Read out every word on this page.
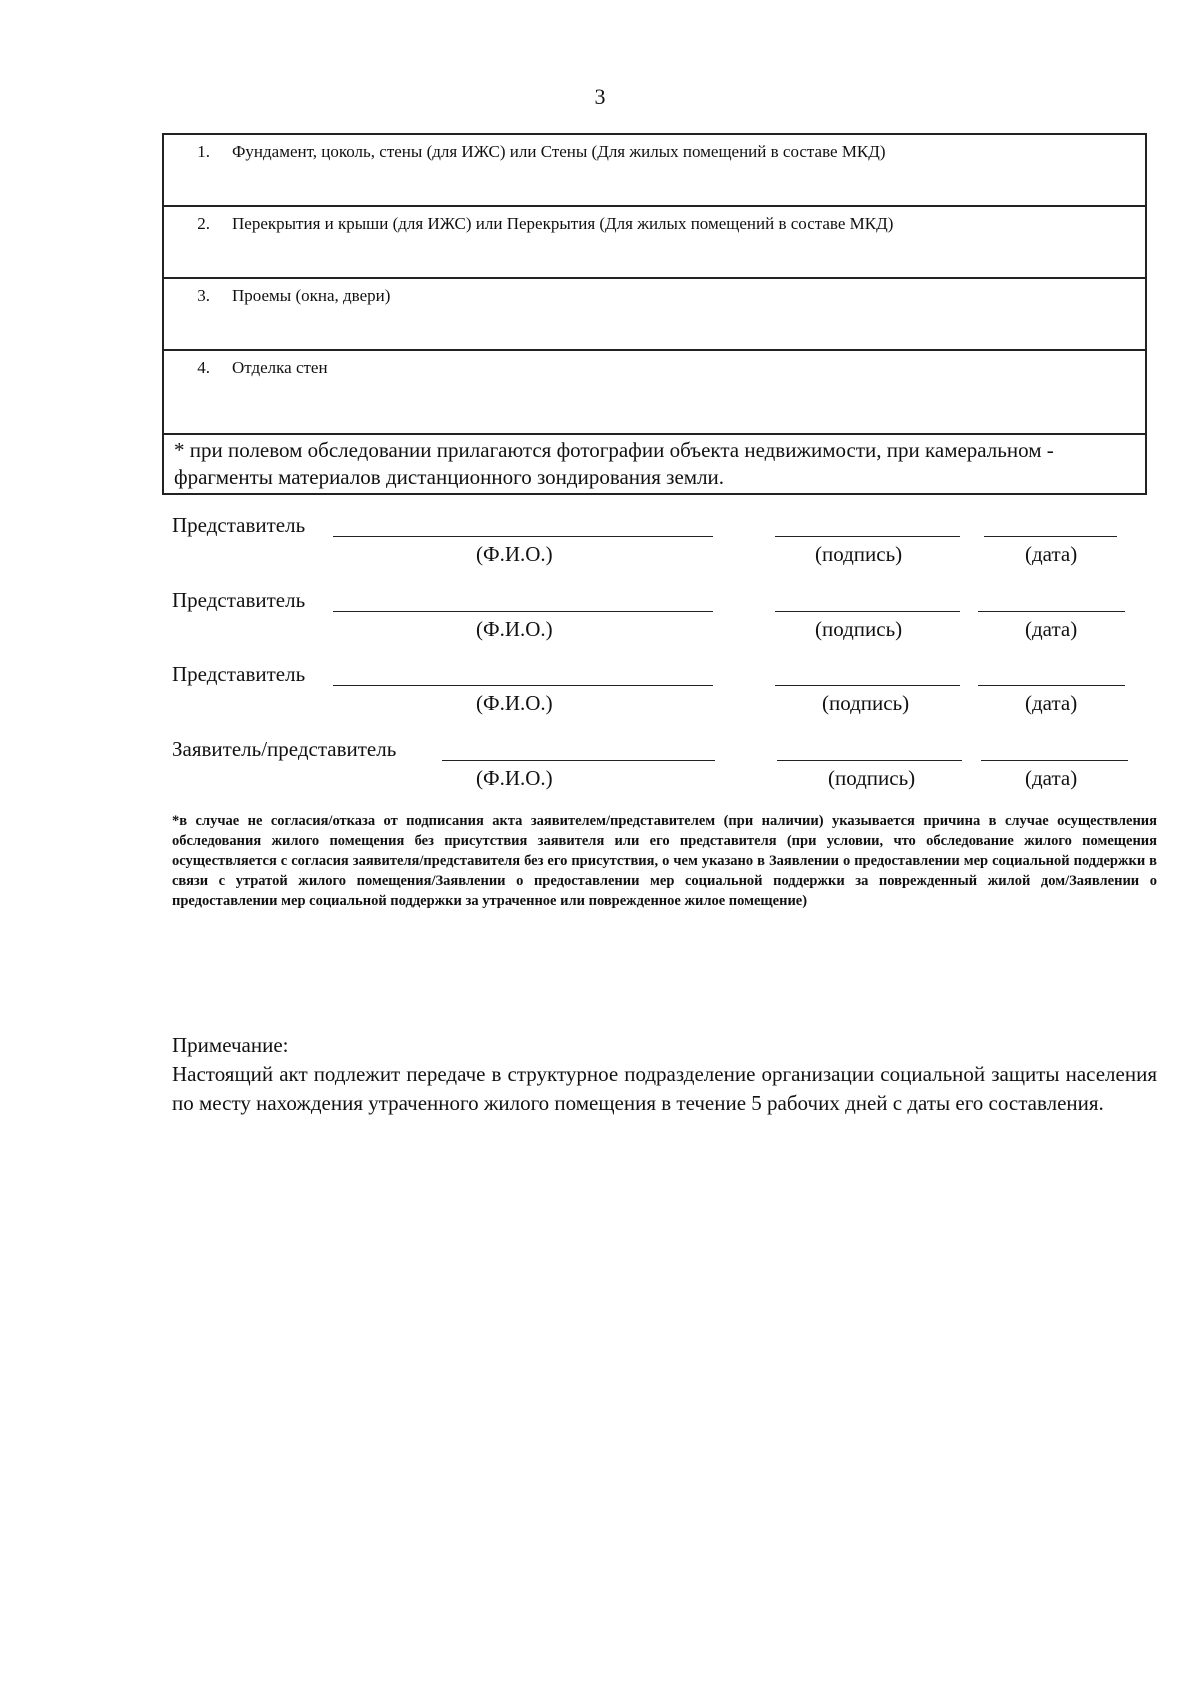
3
1. Фундамент, цоколь, стены (для ИЖС) или Стены (Для жилых помещений в составе МКД)
2. Перекрытия и крыши (для ИЖС) или Перекрытия (Для жилых помещений в составе МКД)
3. Проемы (окна, двери)
4. Отделка стен
* при полевом обследовании прилагаются фотографии объекта недвижимости, при камеральном - фрагменты материалов дистанционного зондирования земли.
Представитель
(Ф.И.О.)	(подпись)	(дата)
Представитель
(Ф.И.О.)	(подпись)	(дата)
Представитель
(Ф.И.О.)	(подпись)	(дата)
Заявитель/представитель
(Ф.И.О.)	(подпись)	(дата)
*в случае не согласия/отказа от подписания акта заявителем/представителем (при наличии) указывается причина в случае осуществления обследования жилого помещения без присутствия заявителя или его представителя (при условии, что обследование жилого помещения осуществляется с согласия заявителя/представителя без его присутствия, о чем указано в Заявлении о предоставлении мер социальной поддержки в связи с утратой жилого помещения/Заявлении о предоставлении мер социальной поддержки за поврежденный жилой дом/Заявлении о предоставлении мер социальной поддержки за утраченное или поврежденное жилое помещение)
Примечание:
Настоящий акт подлежит передаче в структурное подразделение организации социальной защиты населения по месту нахождения утраченного жилого помещения в течение 5 рабочих дней с даты его составления.
